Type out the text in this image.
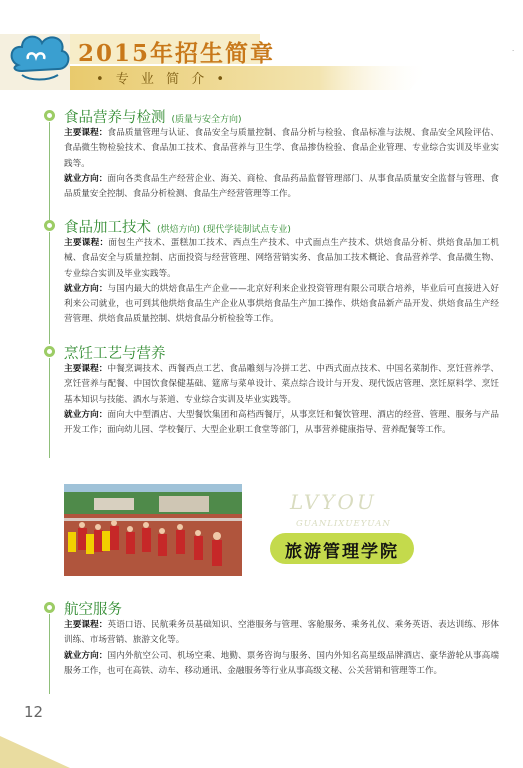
2015年招生简章
• 专 业 简 介 •
·
食品营养与检测 (质量与安全方向)
主要课程：食品质量管理与认证、食品安全与质量控制、食品分析与检验、食品标准与法规、食品安全风险评估、食品微生物检验技术、食品加工技术、食品营养与卫生学、食品掺伪检验、食品企业管理、专业综合实训及毕业实践等。
就业方向：面向各类食品生产经营企业、海关、商检、食品药品监督管理部门、从事食品质量安全监督与管理、食品质量安全控制、食品分析检测、食品生产经营管理等工作。
食品加工技术 (烘焙方向) (现代学徒制试点专业)
主要课程：面包生产技术、蛋糕加工技术、西点生产技术、中式面点生产技术、烘焙食品分析、烘焙食品加工机械、食品安全与质量控制、店面投资与经营管理、网络营销实务、食品加工技术概论、食品营养学、食品微生物、专业综合实训及毕业实践等。
就业方向：与国内最大的烘焙食品生产企业——北京好利来企业投资管理有限公司联合培养，毕业后可直接进入好利来公司就业，也可到其他烘焙食品生产企业从事烘焙食品生产加工操作、烘焙食品新产品开发、烘焙食品生产经营管理、烘焙食品质量控制、烘焙食品分析检验等工作。
烹饪工艺与营养
主要课程：中餐烹调技术、西餐西点工艺、食品雕刻与冷拼工艺、中西式面点技术、中国名菜制作、烹饪营养学、烹饪营养与配餐、中国饮食保健基础、筵席与菜单设计、菜点综合设计与开发、现代饭店管理、烹饪原料学、烹饪基本知识与技能、酒水与茶道、专业综合实训及毕业实践等。
就业方向：面向大中型酒店、大型餐饮集团和高档西餐厅，从事烹饪和餐饮管理、酒店的经营、管理、服务与产品开发工作；面向幼儿园、学校餐厅、大型企业职工食堂等部门，从事营养健康指导、营养配餐等工作。
LVYOU
GUANLIXUEYUAN
旅游管理学院
航空服务
主要课程：英语口语、民航乘务员基础知识、空港服务与管理、客舱服务、乘务礼仪、乘务英语、表达训练、形体训练、市场营销、旅游文化等。
就业方向：国内外航空公司、机场空乘、地勤、票务咨询与服务、国内外知名高星级品牌酒店、豪华游轮从事高端服务工作，也可在高铁、动车、移动通讯、金融服务等行业从事高级文秘、公关营销和管理等工作。
12
